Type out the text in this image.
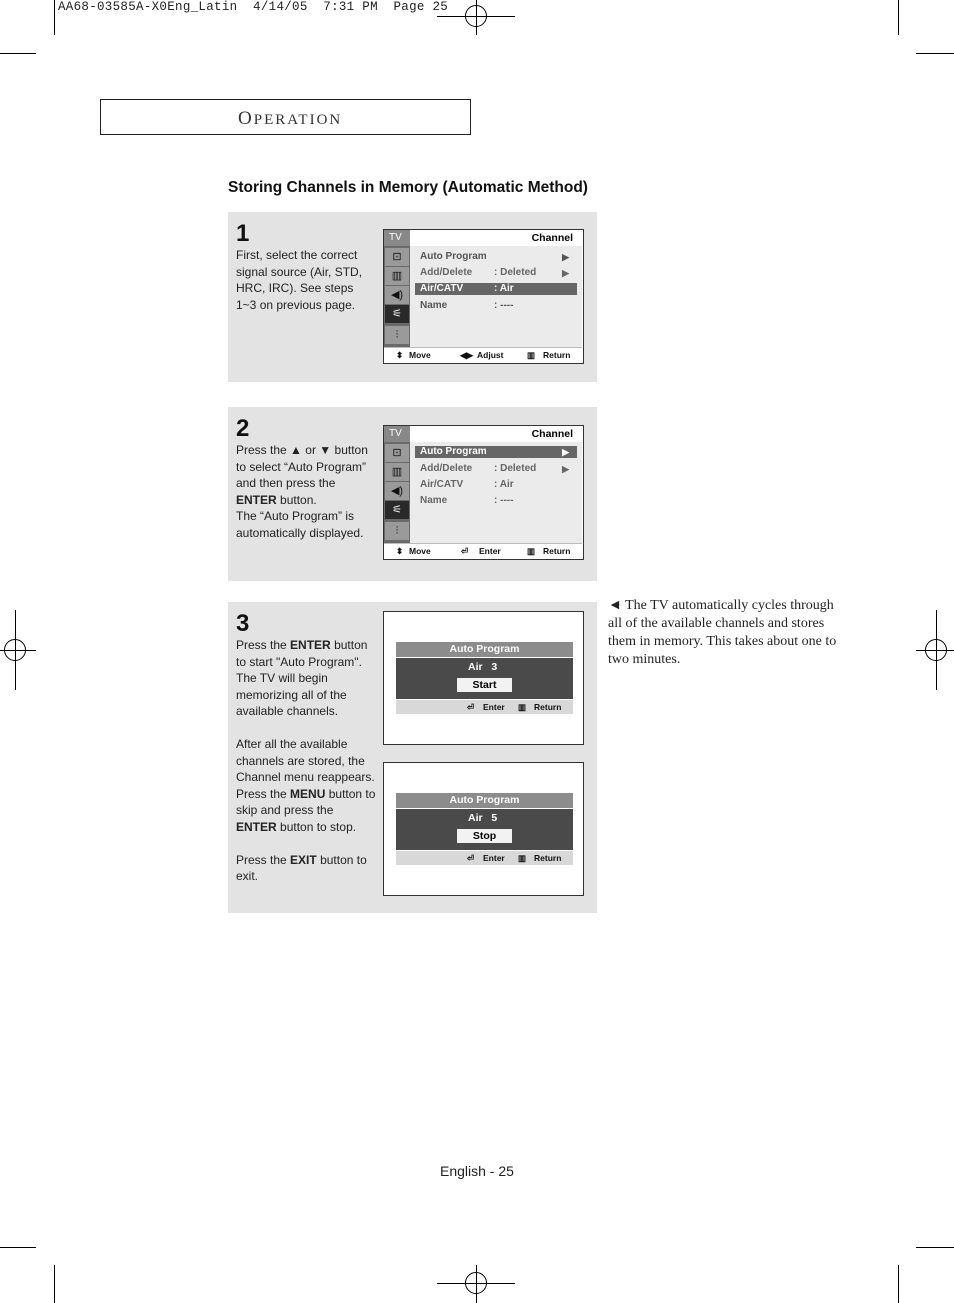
AA68-03585A-X0Eng_Latin 4/14/05 7:31 PM Page 25
OPERATION
Storing Channels in Memory (Automatic Method)
1
First, select the correct signal source (Air, STD, HRC, IRC). See steps 1~3 on previous page.
TV
⊡
▥
◀)
⚟
⫶
Channel
Auto Program	▶
Add/Delete : Deleted	▶
Air/CATV	: Air
Name	: ----
⬍ Move	◀▶ Adjust	▥ Return
2
Press the ▲ or ▼ button to select “Auto Program” and then press the ENTER button.
The “Auto Program” is automatically displayed.
TV
⊡
▥
◀)
⚟
⫶
Channel
Auto Program	▶
Add/Delete : Deleted	▶
Air/CATV	: Air
Name	: ----
⬍ Move	⏎ Enter	▥ Return
3
Press the ENTER button to start "Auto Program". The TV will begin memorizing all of the available channels.

After all the available channels are stored, the Channel menu reappears. Press the MENU button to skip and press the ENTER button to stop.

Press the EXIT button to exit.
Auto Program
Air 3
Start
⏎ Enter ▥ Return
Auto Program
Air 5
Stop
⏎ Enter ▥ Return
◄ The TV automatically cycles through all of the available channels and stores them in memory. This takes about one to two minutes.
English - 25
